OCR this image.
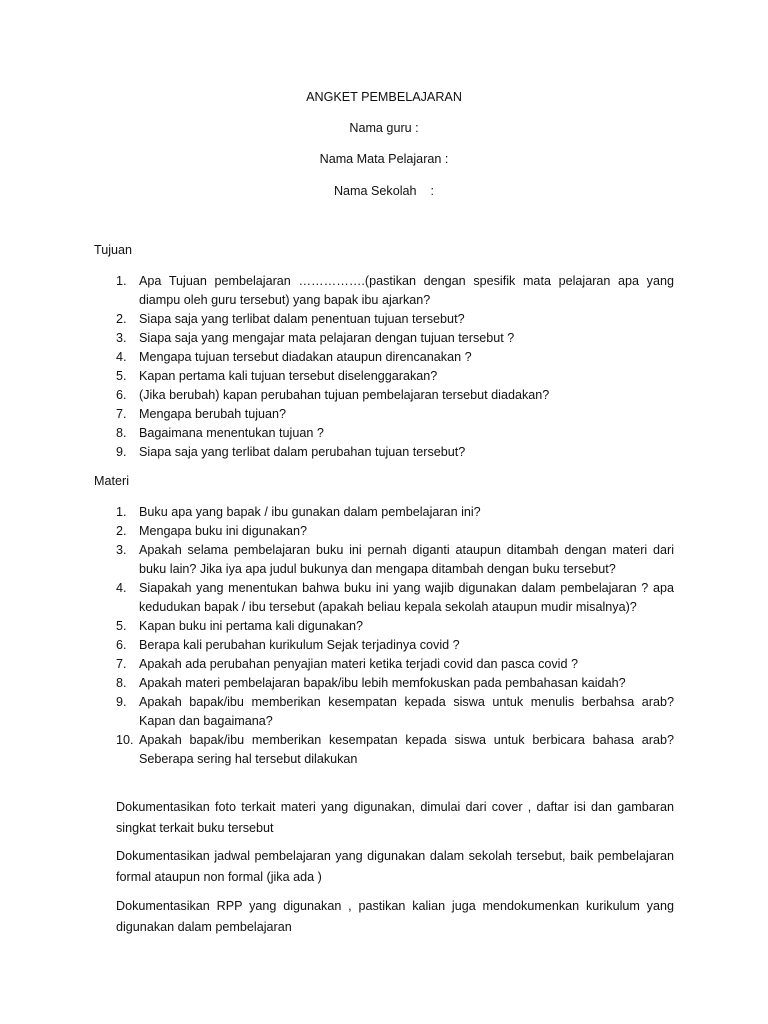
ANGKET PEMBELAJARAN
Nama guru :
Nama Mata Pelajaran :
Nama Sekolah    :
Tujuan
1. Apa Tujuan pembelajaran …………….(pastikan dengan spesifik mata pelajaran apa yang diampu oleh guru tersebut) yang bapak ibu ajarkan?
2. Siapa saja yang terlibat dalam penentuan tujuan tersebut?
3. Siapa saja yang mengajar mata pelajaran dengan tujuan tersebut ?
4. Mengapa tujuan tersebut diadakan ataupun direncanakan ?
5. Kapan pertama kali tujuan tersebut diselenggarakan?
6. (Jika berubah) kapan perubahan tujuan pembelajaran tersebut diadakan?
7. Mengapa berubah tujuan?
8. Bagaimana menentukan tujuan ?
9. Siapa saja yang terlibat dalam perubahan tujuan tersebut?
Materi
1. Buku apa yang bapak / ibu gunakan dalam pembelajaran ini?
2. Mengapa buku ini digunakan?
3. Apakah selama pembelajaran buku ini pernah diganti ataupun ditambah dengan materi dari buku lain? Jika iya apa judul bukunya dan mengapa ditambah dengan buku tersebut?
4. Siapakah yang menentukan bahwa buku ini yang wajib digunakan dalam pembelajaran ? apa kedudukan bapak / ibu tersebut (apakah beliau kepala sekolah ataupun mudir misalnya)?
5. Kapan buku ini pertama kali digunakan?
6. Berapa kali perubahan kurikulum Sejak terjadinya covid ?
7. Apakah ada perubahan penyajian materi ketika terjadi covid dan pasca covid ?
8. Apakah materi pembelajaran bapak/ibu lebih memfokuskan pada pembahasan kaidah?
9. Apakah bapak/ibu memberikan kesempatan kepada siswa untuk menulis berbahsa arab? Kapan dan bagaimana?
10. Apakah bapak/ibu memberikan kesempatan kepada siswa untuk berbicara bahasa arab? Seberapa sering hal tersebut dilakukan
Dokumentasikan foto terkait materi yang digunakan, dimulai dari cover , daftar isi dan gambaran singkat terkait buku tersebut
Dokumentasikan jadwal pembelajaran yang digunakan dalam sekolah tersebut, baik pembelajaran formal ataupun non formal (jika ada )
Dokumentasikan RPP yang digunakan , pastikan kalian juga mendokumenkan kurikulum yang digunakan dalam pembelajaran
